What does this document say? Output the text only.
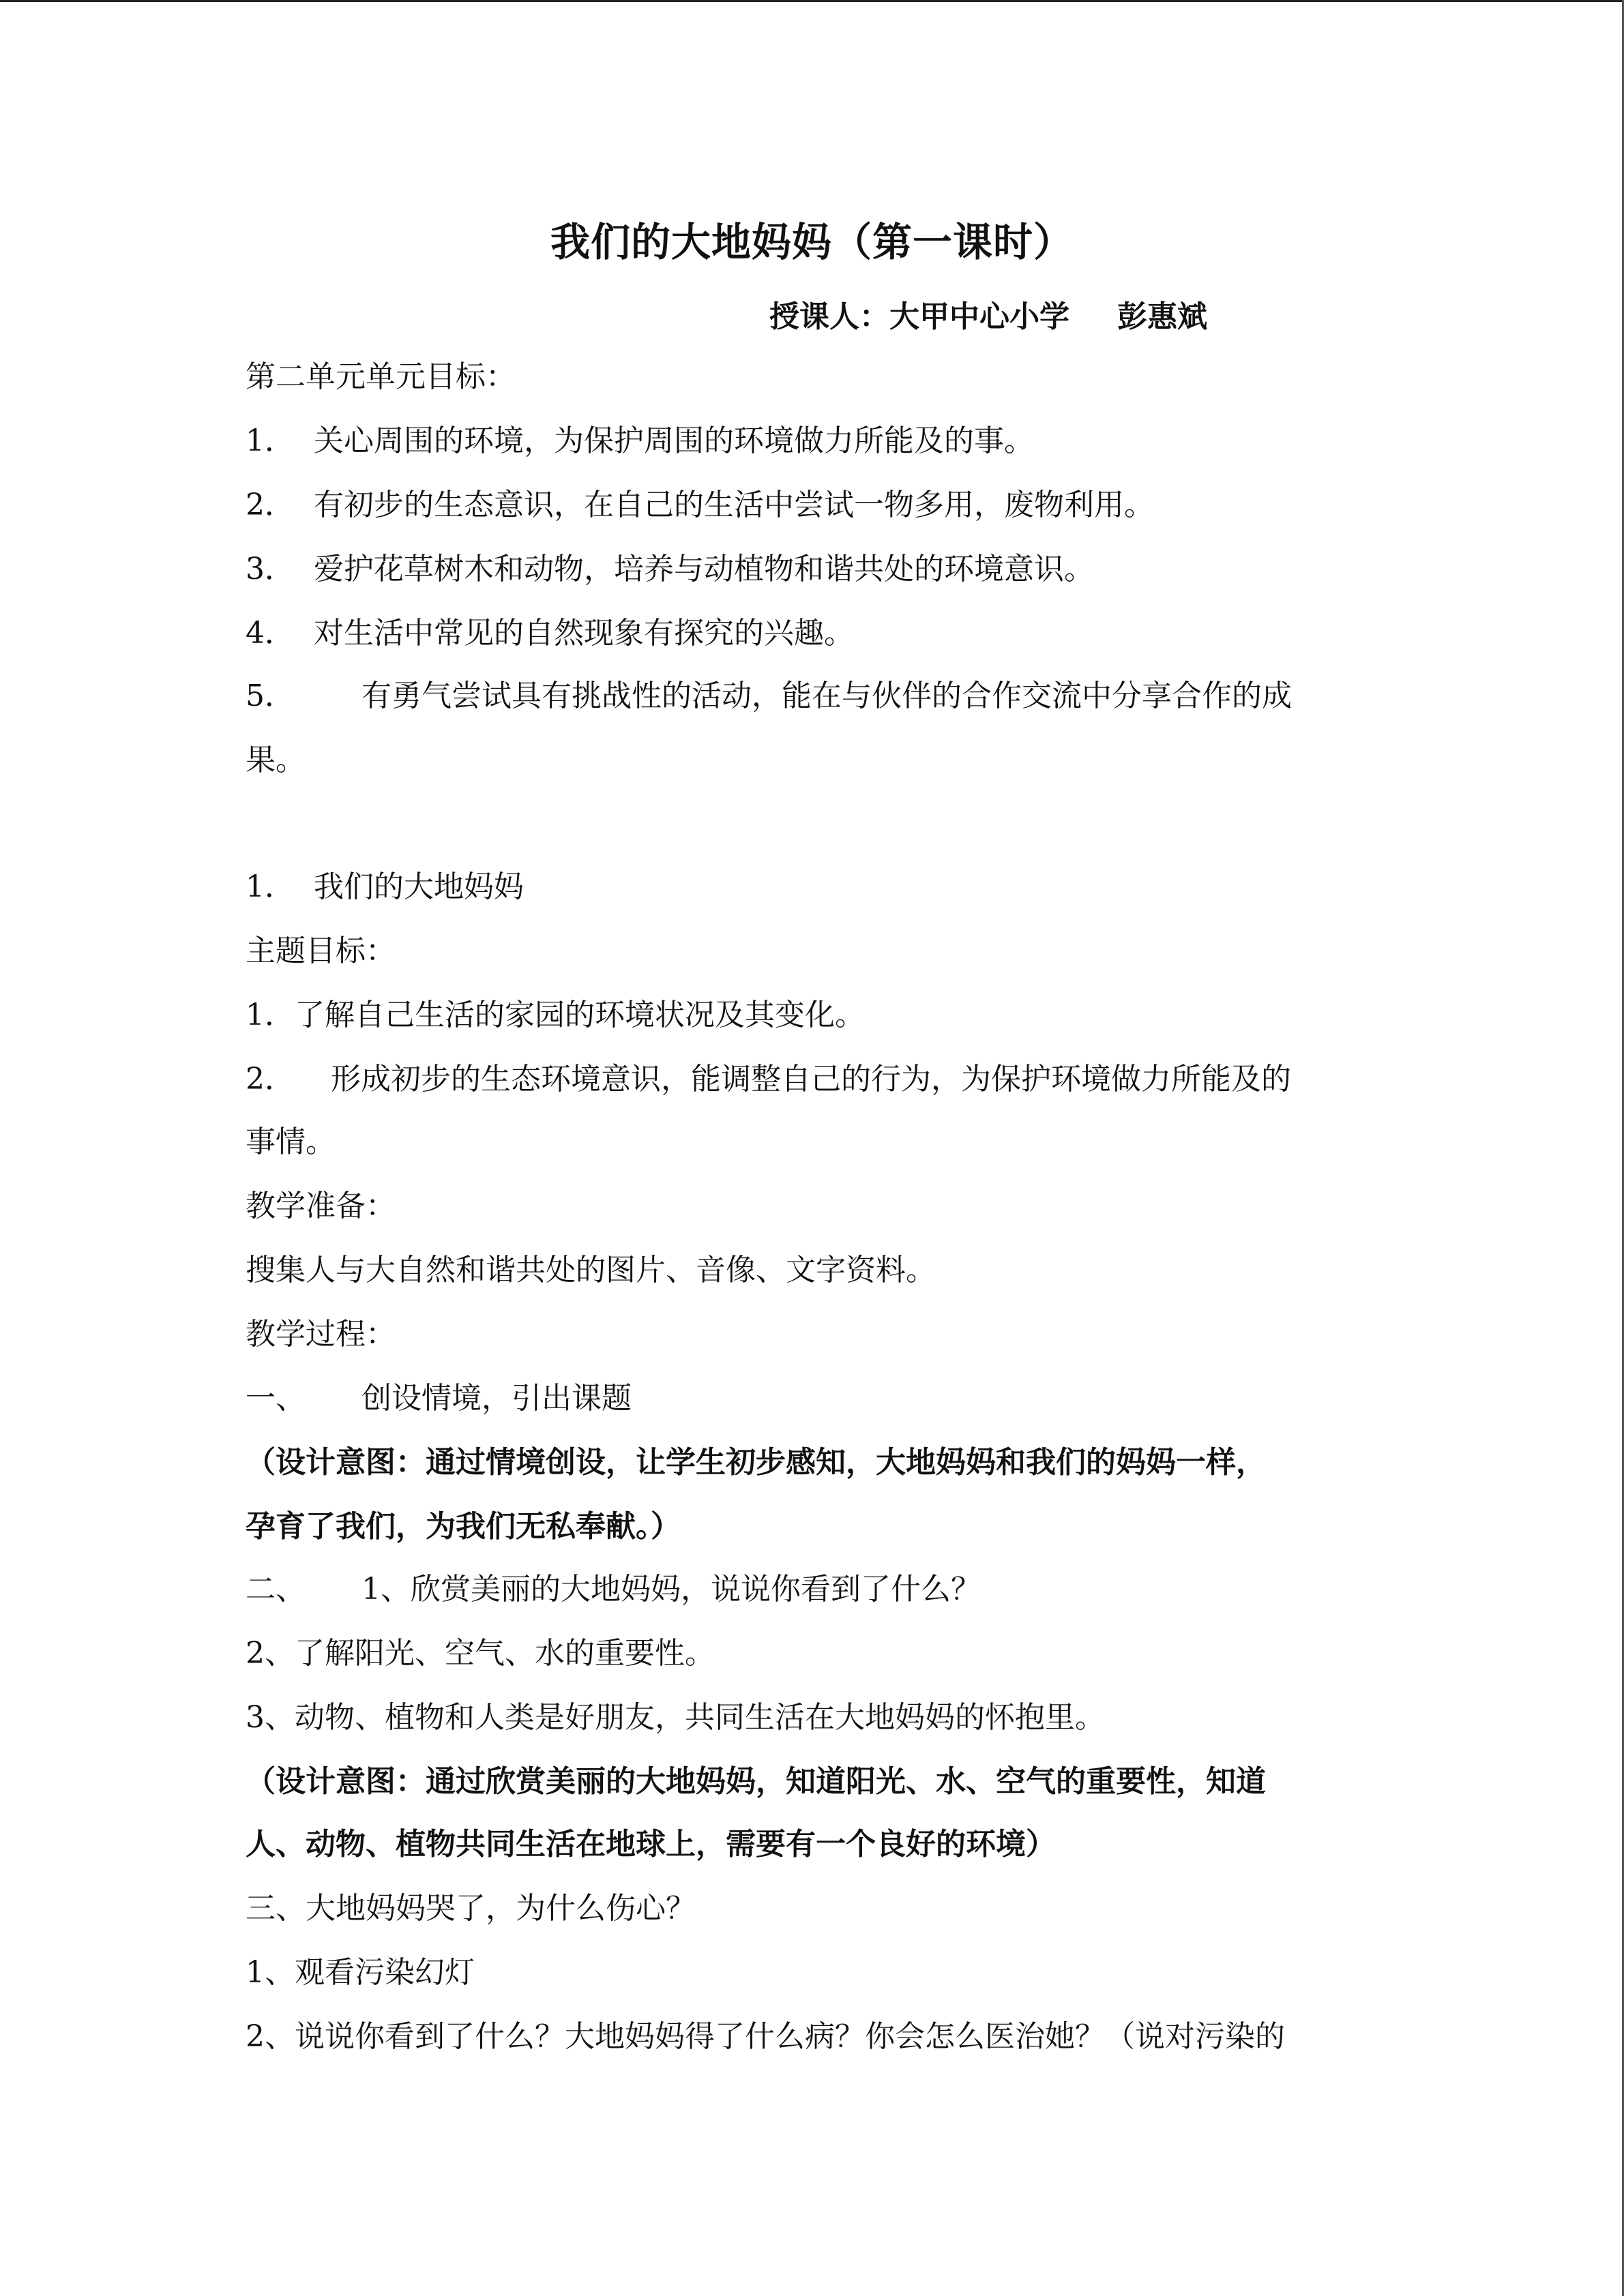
我们的大地妈妈（第一课时）
授课人：大甲中心小学 彭惠斌
第二单元单元目标：
1． 关心周围的环境，为保护周围的环境做力所能及的事。
2． 有初步的生态意识，在自己的生活中尝试一物多用，废物利用。
3． 爱护花草树木和动物，培养与动植物和谐共处的环境意识。
4． 对生活中常见的自然现象有探究的兴趣。
5． 有勇气尝试具有挑战性的活动，能在与伙伴的合作交流中分享合作的成
果。
1． 我们的大地妈妈
主题目标：
1．了解自己生活的家园的环境状况及其变化。
2． 形成初步的生态环境意识，能调整自己的行为，为保护环境做力所能及的
事情。
教学准备：
搜集人与大自然和谐共处的图片、音像、文字资料。
教学过程：
一、 创设情境，引出课题
（设计意图：通过情境创设，让学生初步感知，大地妈妈和我们的妈妈一样，
孕育了我们，为我们无私奉献。）
二、 1、欣赏美丽的大地妈妈，说说你看到了什么？
2、了解阳光、空气、水的重要性。
3、动物、植物和人类是好朋友，共同生活在大地妈妈的怀抱里。
（设计意图：通过欣赏美丽的大地妈妈，知道阳光、水、空气的重要性，知道
人、动物、植物共同生活在地球上，需要有一个良好的环境）
三、大地妈妈哭了，为什么伤心？
1、观看污染幻灯
2、说说你看到了什么？大地妈妈得了什么病？你会怎么医治她？（说对污染的
